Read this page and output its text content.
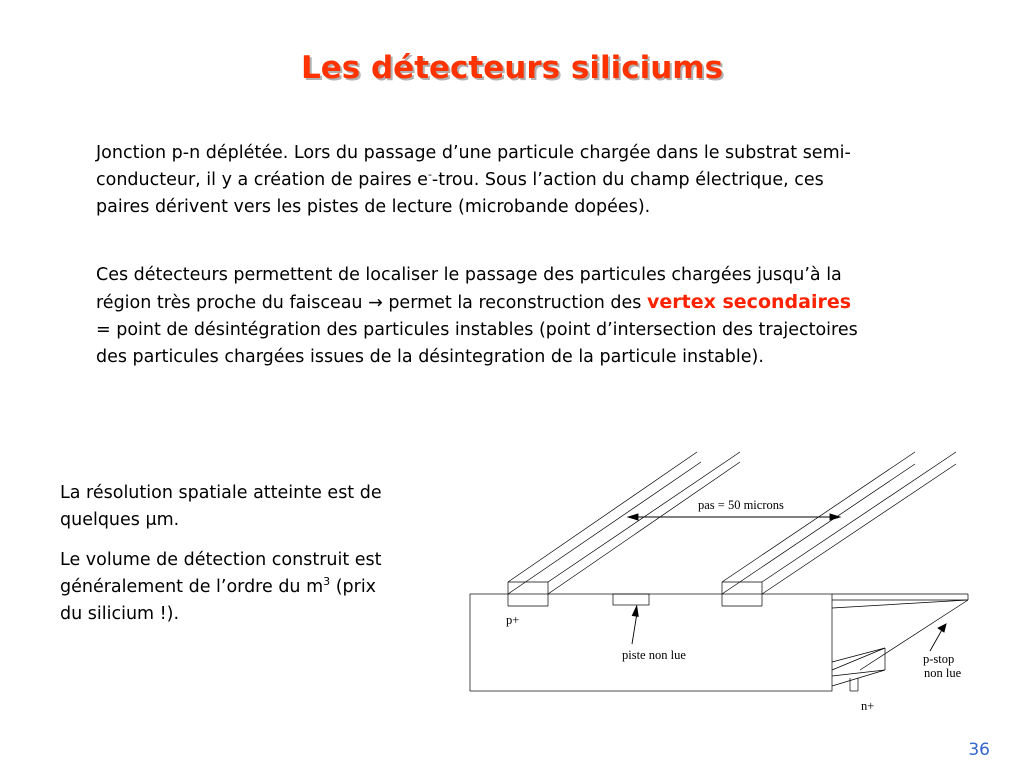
Les détecteurs siliciums

Jonction p-n déplétée. Lors du passage d’une particule chargée dans le substrat semi-conducteur, il y a création de paires e--trou. Sous l’action du champ électrique, ces paires dérivent vers les pistes de lecture (microbande dopées).

Ces détecteurs permettent de localiser le passage des particules chargées jusqu’à la région très proche du faisceau → permet la reconstruction des vertex secondaires = point de désintégration des particules instables (point d’intersection des trajectoires des particules chargées issues de la désintegration de la particule instable).

La résolution spatiale atteinte est de quelques μm.

Le volume de détection construit est généralement de l’ordre du $m^3$ (prix du silicium !).

pas = 50 microns
p+
piste non lue	p-stop
non lue
n+
36
